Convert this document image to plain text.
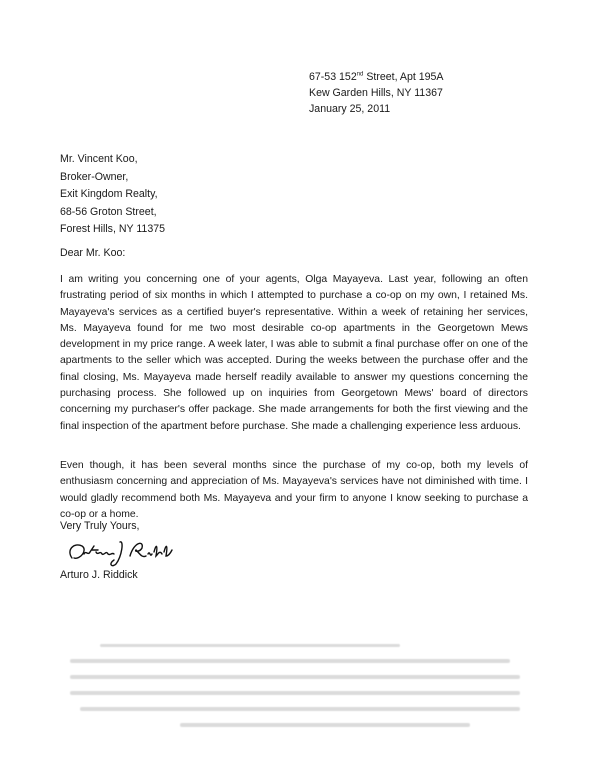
67-53 152nd Street, Apt 195A
Kew Garden Hills, NY 11367
January 25, 2011
Mr. Vincent Koo,
Broker-Owner,
Exit Kingdom Realty,
68-56 Groton Street,
Forest Hills, NY 11375
Dear Mr. Koo:
I am writing you concerning one of your agents, Olga Mayayeva. Last year, following an often frustrating period of six months in which I attempted to purchase a co-op on my own, I retained Ms. Mayayeva's services as a certified buyer's representative. Within a week of retaining her services, Ms. Mayayeva found for me two most desirable co-op apartments in the Georgetown Mews development in my price range. A week later, I was able to submit a final purchase offer on one of the apartments to the seller which was accepted. During the weeks between the purchase offer and the final closing, Ms. Mayayeva made herself readily available to answer my questions concerning the purchasing process. She followed up on inquiries from Georgetown Mews' board of directors concerning my purchaser's offer package. She made arrangements for both the first viewing and the final inspection of the apartment before purchase. She made a challenging experience less arduous.
Even though, it has been several months since the purchase of my co-op, both my levels of enthusiasm concerning and appreciation of Ms. Mayayeva's services have not diminished with time. I would gladly recommend both Ms. Mayayeva and your firm to anyone I know seeking to purchase a co-op or a home.
Very Truly Yours,
Arturo J. Riddick
